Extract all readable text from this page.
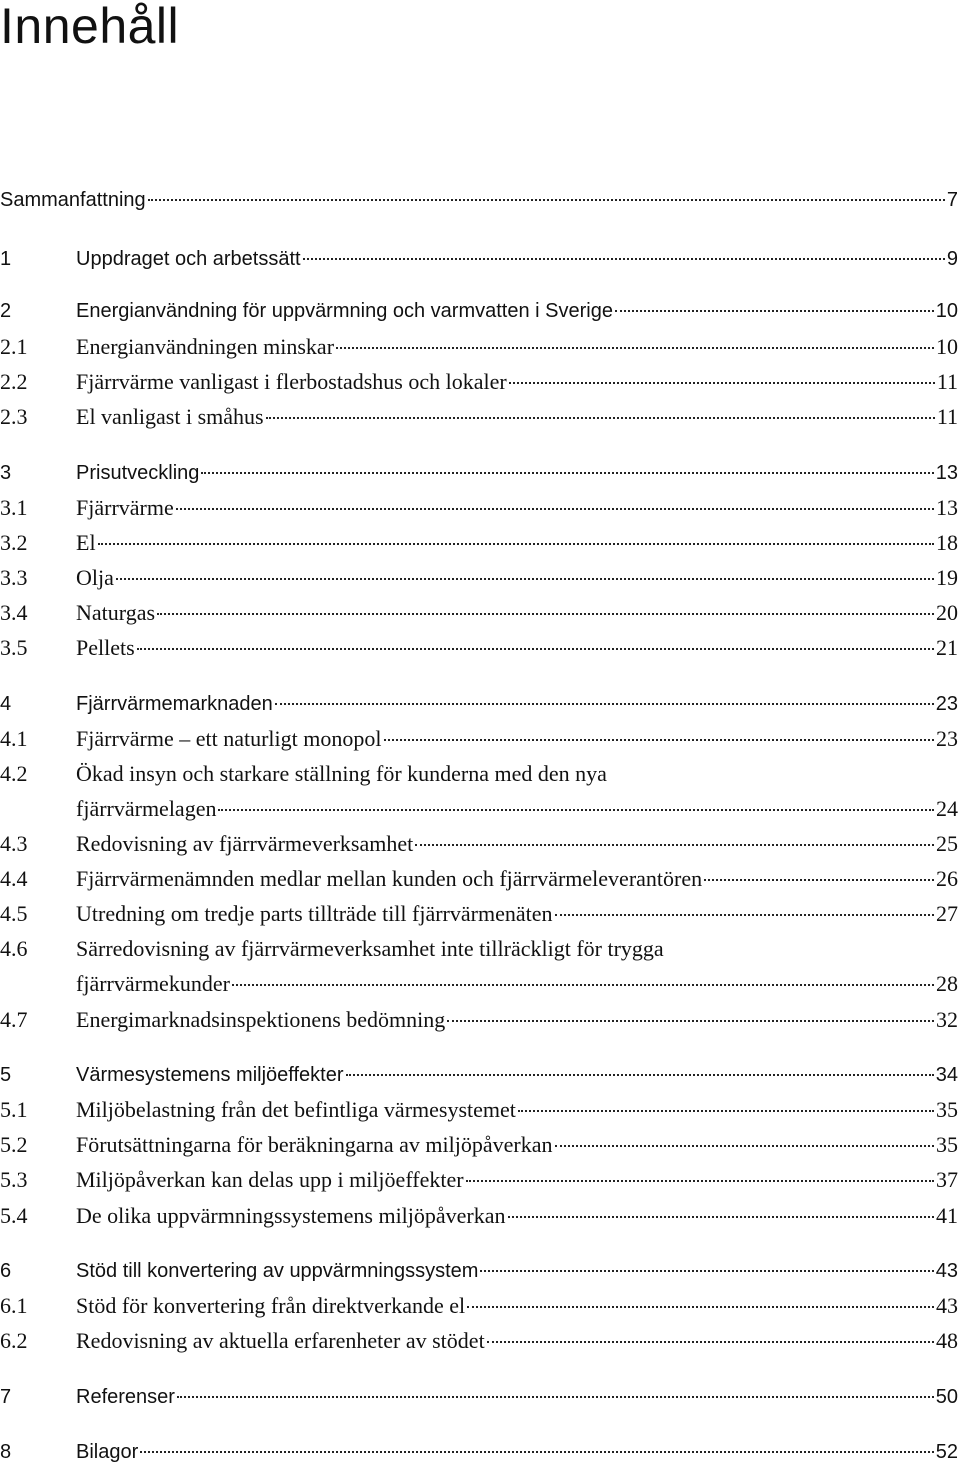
Innehåll
Sammanfattning	7
1	Uppdraget och arbetssätt	9
2	Energianvändning för uppvärmning och varmvatten i Sverige	10
2.1 Energianvändningen minskar	10
2.2 Fjärrvärme vanligast i flerbostadshus och lokaler	11
2.3 El vanligast i småhus	11
3	Prisutveckling	13
3.1 Fjärrvärme	13
3.2 El	18
3.3 Olja	19
3.4 Naturgas	20
3.5 Pellets	21
4	Fjärrvärmemarknaden	23
4.1 Fjärrvärme – ett naturligt monopol	23
4.2 Ökad insyn och starkare ställning för kunderna med den nya
fjärrvärmelagen	24
4.3 Redovisning av fjärrvärmeverksamhet	25
4.4 Fjärrvärmenämnden medlar mellan kunden och fjärrvärmeleverantören	26
4.5 Utredning om tredje parts tillträde till fjärrvärmenäten	27
4.6 Särredovisning av fjärrvärmeverksamhet inte tillräckligt för trygga
fjärrvärmekunder	28
4.7 Energimarknadsinspektionens bedömning	32
5	Värmesystemens miljöeffekter	34
5.1 Miljöbelastning från det befintliga värmesystemet	35
5.2 Förutsättningarna för beräkningarna av miljöpåverkan	35
5.3 Miljöpåverkan kan delas upp i miljöeffekter	37
5.4 De olika uppvärmningssystemens miljöpåverkan	41
6	Stöd till konvertering av uppvärmningssystem	43
6.1 Stöd för konvertering från direktverkande el	43
6.2 Redovisning av aktuella erfarenheter av stödet	48
7	Referenser	50
8	Bilagor	52
